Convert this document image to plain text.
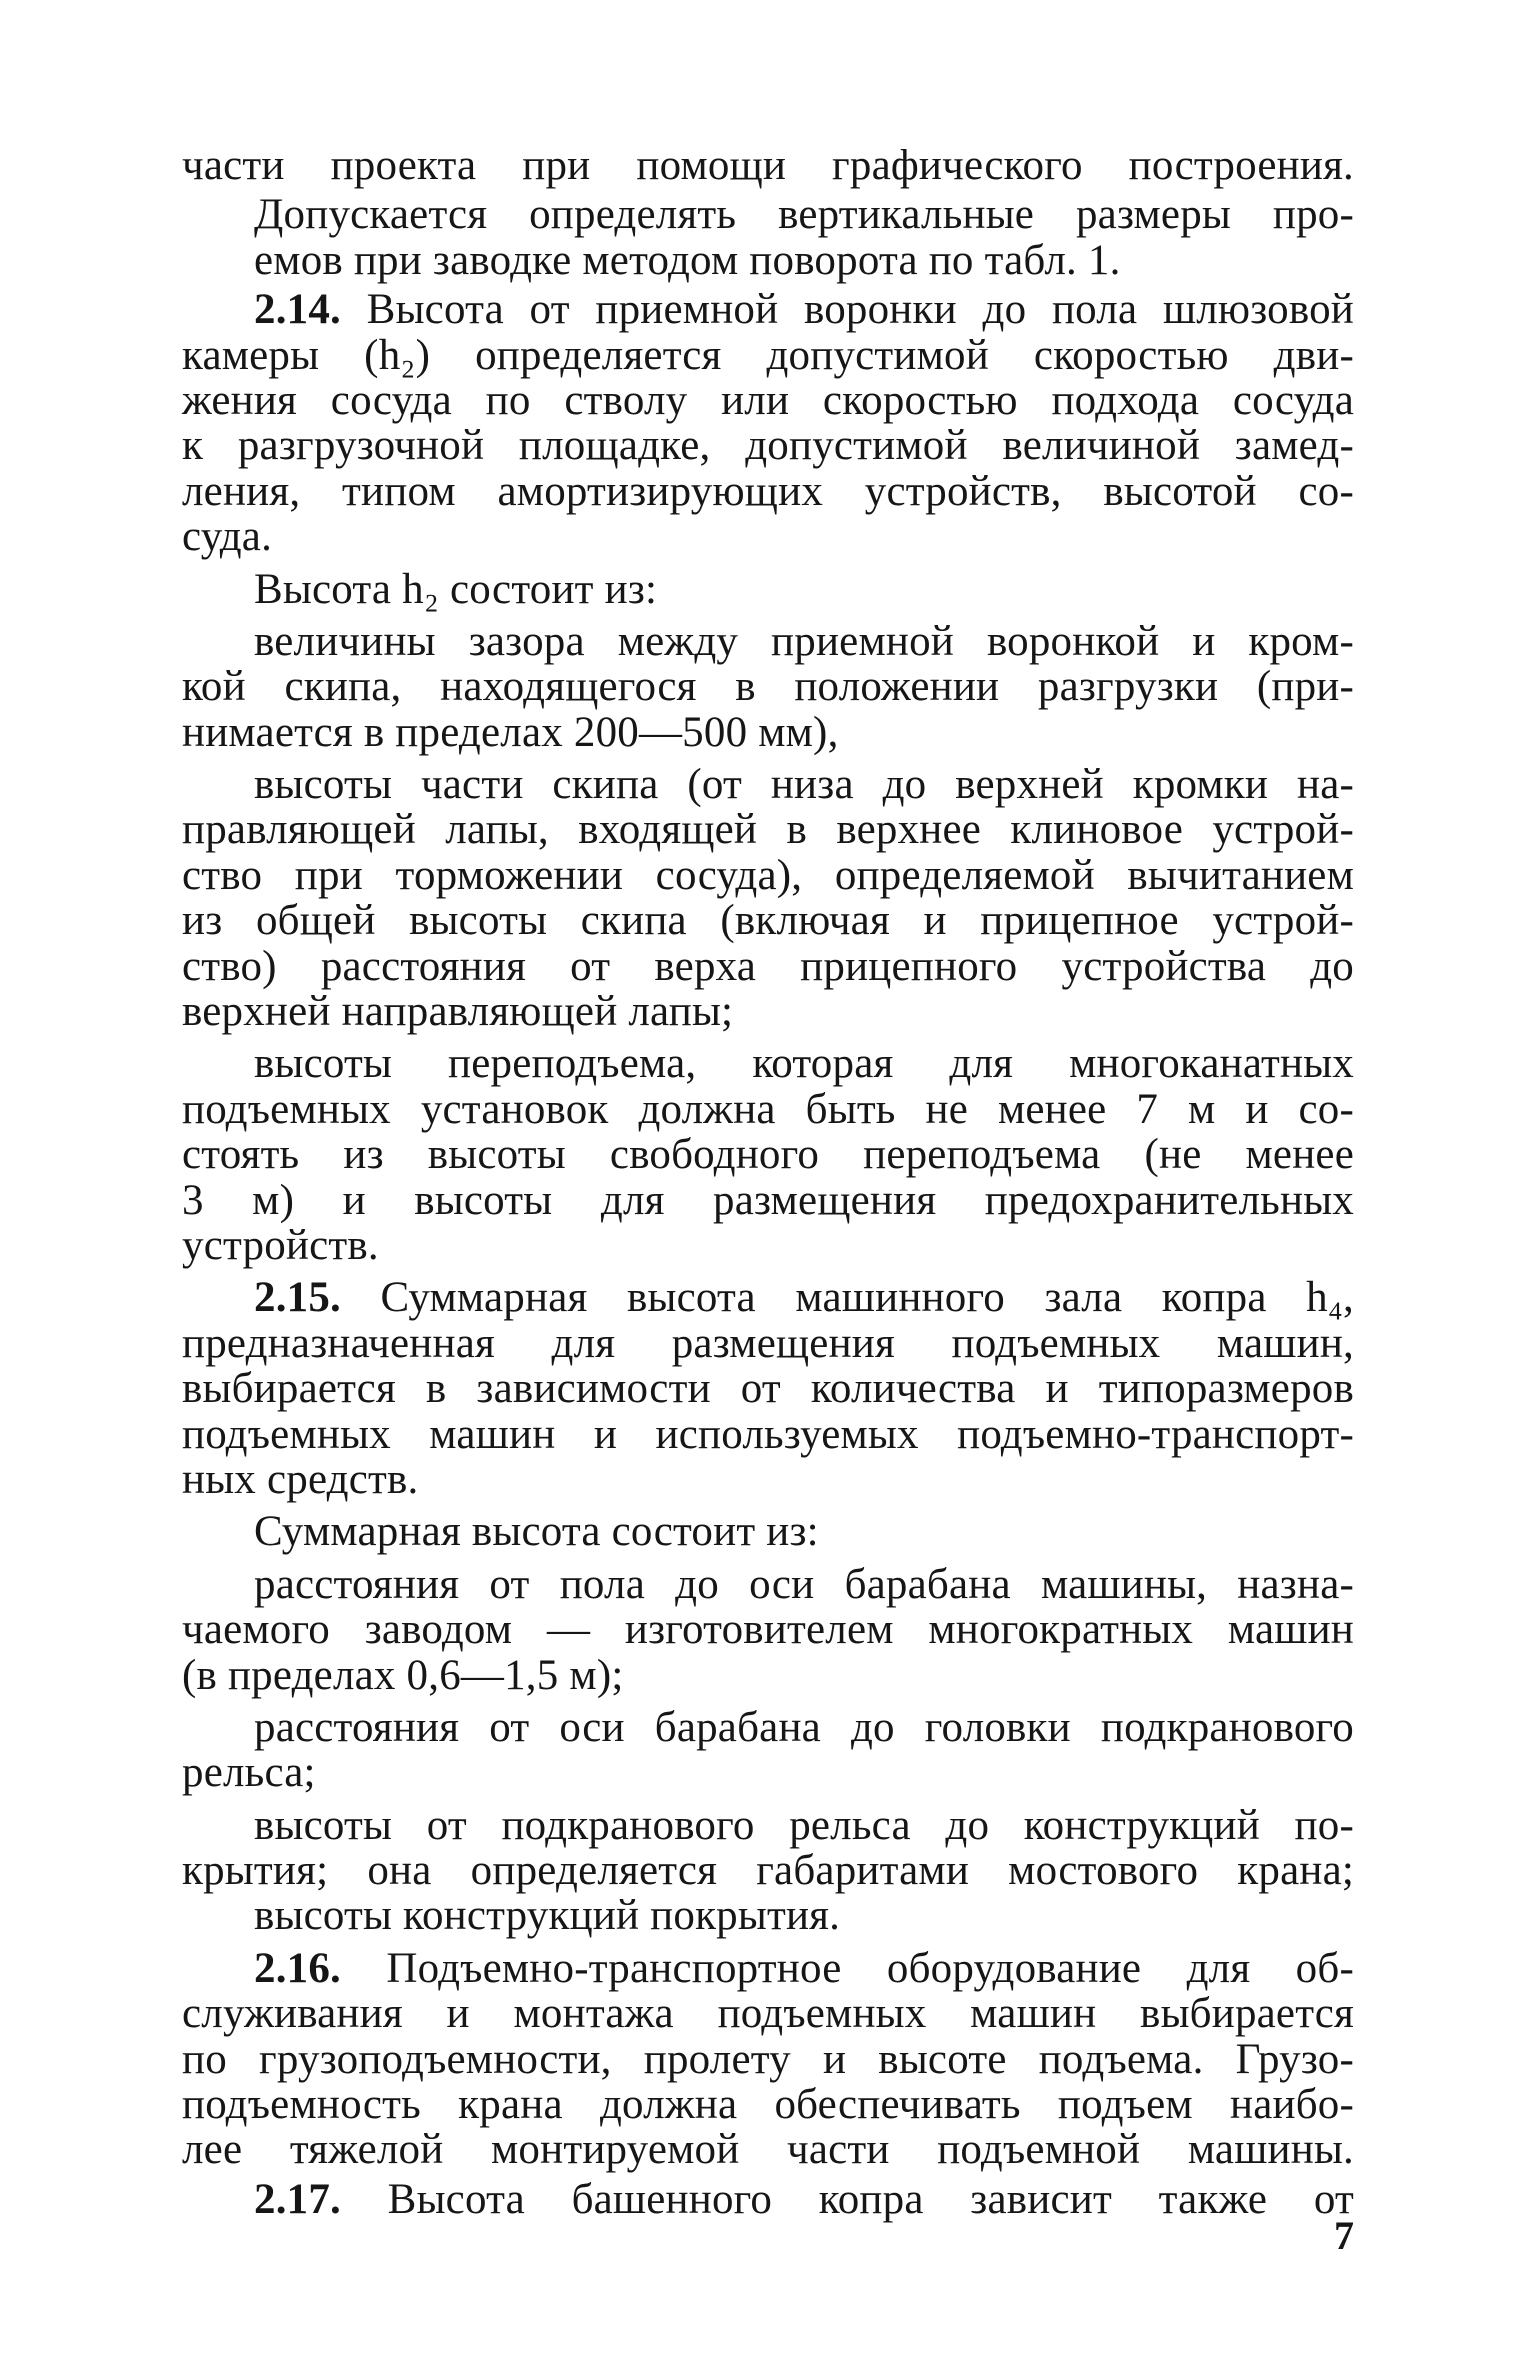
части проекта при помощи графического построения.
Допускается определять вертикальные размеры про-
емов при заводке методом поворота по табл. 1.
2.14. Высота от приемной воронки до пола шлюзовой
камеры (h₂) определяется допустимой скоростью дви-
жения сосуда по стволу или скоростью подхода сосуда
к разгрузочной площадке, допустимой величиной замед-
ления, типом амортизирующих устройств, высотой со-
суда.
Высота h₂ состоит из:
величины зазора между приемной воронкой и кром-
кой скипа, находящегося в положении разгрузки (при-
нимается в пределах 200—500 мм),
высоты части скипа (от низа до верхней кромки на-
правляющей лапы, входящей в верхнее клиновое устрой-
ство при торможении сосуда), определяемой вычитанием
из общей высоты скипа (включая и прицепное устрой-
ство) расстояния от верха прицепного устройства до
верхней направляющей лапы;
высоты переподъема, которая для многоканатных
подъемных установок должна быть не менее 7 м и со-
стоять из высоты свободного переподъема (не менее
3 м) и высоты для размещения предохранительных
устройств.
2.15. Суммарная высота машинного зала копра h₄,
предназначенная для размещения подъемных машин,
выбирается в зависимости от количества и типоразмеров
подъемных машин и используемых подъемно-транспорт-
ных средств.
Суммарная высота состоит из:
расстояния от пола до оси барабана машины, назна-
чаемого заводом — изготовителем многократных машин
(в пределах 0,6—1,5 м);
расстояния от оси барабана до головки подкранового
рельса;
высоты от подкранового рельса до конструкций по-
крытия; она определяется габаритами мостового крана;
высоты конструкций покрытия.
2.16. Подъемно-транспортное оборудование для об-
служивания и монтажа подъемных машин выбирается
по грузоподъемности, пролету и высоте подъема. Грузо-
подъемность крана должна обеспечивать подъем наибо-
лее тяжелой монтируемой части подъемной машины.
2.17. Высота башенного копра зависит также от
7
